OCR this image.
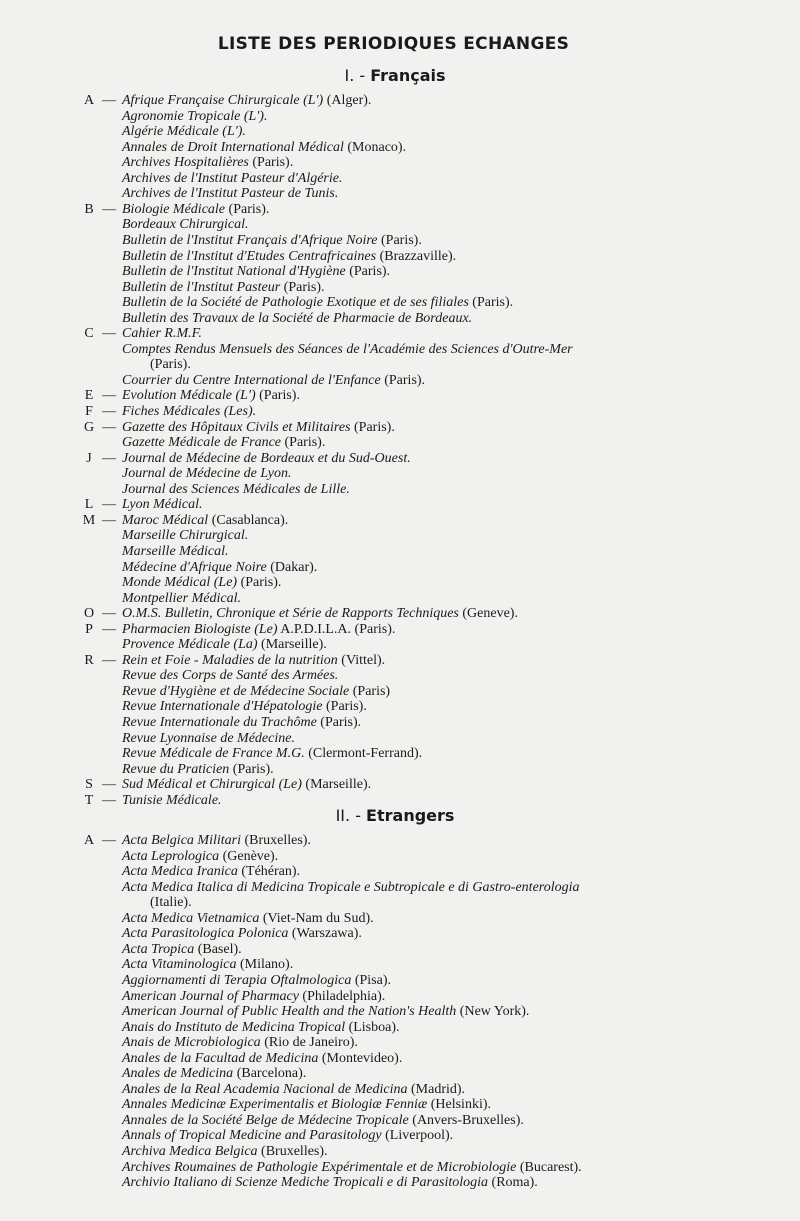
LISTE DES PERIODIQUES ECHANGES
I. - Français
A — Afrique Française Chirurgicale (L') (Alger).
Agronomie Tropicale (L').
Algérie Médicale (L').
Annales de Droit International Médical (Monaco).
Archives Hospitalières (Paris).
Archives de l'Institut Pasteur d'Algérie.
Archives de l'Institut Pasteur de Tunis.
B — Biologie Médicale (Paris).
Bordeaux Chirurgical.
Bulletin de l'Institut Français d'Afrique Noire (Paris).
Bulletin de l'Institut d'Etudes Centrafricaines (Brazzaville).
Bulletin de l'Institut National d'Hygiène (Paris).
Bulletin de l'Institut Pasteur (Paris).
Bulletin de la Société de Pathologie Exotique et de ses filiales (Paris).
Bulletin des Travaux de la Société de Pharmacie de Bordeaux.
C — Cahier R.M.F.
Comptes Rendus Mensuels des Séances de l'Académie des Sciences d'Outre-Mer
(Paris).
Courrier du Centre International de l'Enfance (Paris).
E — Evolution Médicale (L') (Paris).
F — Fiches Médicales (Les).
G — Gazette des Hôpitaux Civils et Militaires (Paris).
Gazette Médicale de France (Paris).
J — Journal de Médecine de Bordeaux et du Sud-Ouest.
Journal de Médecine de Lyon.
Journal des Sciences Médicales de Lille.
L — Lyon Médical.
M — Maroc Médical (Casablanca).
Marseille Chirurgical.
Marseille Médical.
Médecine d'Afrique Noire (Dakar).
Monde Médical (Le) (Paris).
Montpellier Médical.
O — O.M.S. Bulletin, Chronique et Série de Rapports Techniques (Geneve).
P — Pharmacien Biologiste (Le) A.P.D.I.L.A. (Paris).
Provence Médicale (La) (Marseille).
R — Rein et Foie - Maladies de la nutrition (Vittel).
Revue des Corps de Santé des Armées.
Revue d'Hygiène et de Médecine Sociale (Paris)
Revue Internationale d'Hépatologie (Paris).
Revue Internationale du Trachôme (Paris).
Revue Lyonnaise de Médecine.
Revue Médicale de France M.G. (Clermont-Ferrand).
Revue du Praticien (Paris).
S — Sud Médical et Chirurgical (Le) (Marseille).
T — Tunisie Médicale.
II. - Etrangers
A — Acta Belgica Militari (Bruxelles).
Acta Leprologica (Genève).
Acta Medica Iranica (Téhéran).
Acta Medica Italica di Medicina Tropicale e Subtropicale e di Gastro-enterologia
(Italie).
Acta Medica Vietnamica (Viet-Nam du Sud).
Acta Parasitologica Polonica (Warszawa).
Acta Tropica (Basel).
Acta Vitaminologica (Milano).
Aggiornamenti di Terapia Oftalmologica (Pisa).
American Journal of Pharmacy (Philadelphia).
American Journal of Public Health and the Nation's Health (New York).
Anais do Instituto de Medicina Tropical (Lisboa).
Anais de Microbiologica (Rio de Janeiro).
Anales de la Facultad de Medicina (Montevideo).
Anales de Medicina (Barcelona).
Anales de la Real Academia Nacional de Medicina (Madrid).
Annales Medicinæ Experimentalis et Biologiæ Fenniæ (Helsinki).
Annales de la Société Belge de Médecine Tropicale (Anvers-Bruxelles).
Annals of Tropical Medicine and Parasitology (Liverpool).
Archiva Medica Belgica (Bruxelles).
Archives Roumaines de Pathologie Expérimentale et de Microbiologie (Bucarest).
Archivio Italiano di Scienze Mediche Tropicali e di Parasitologia (Roma).
